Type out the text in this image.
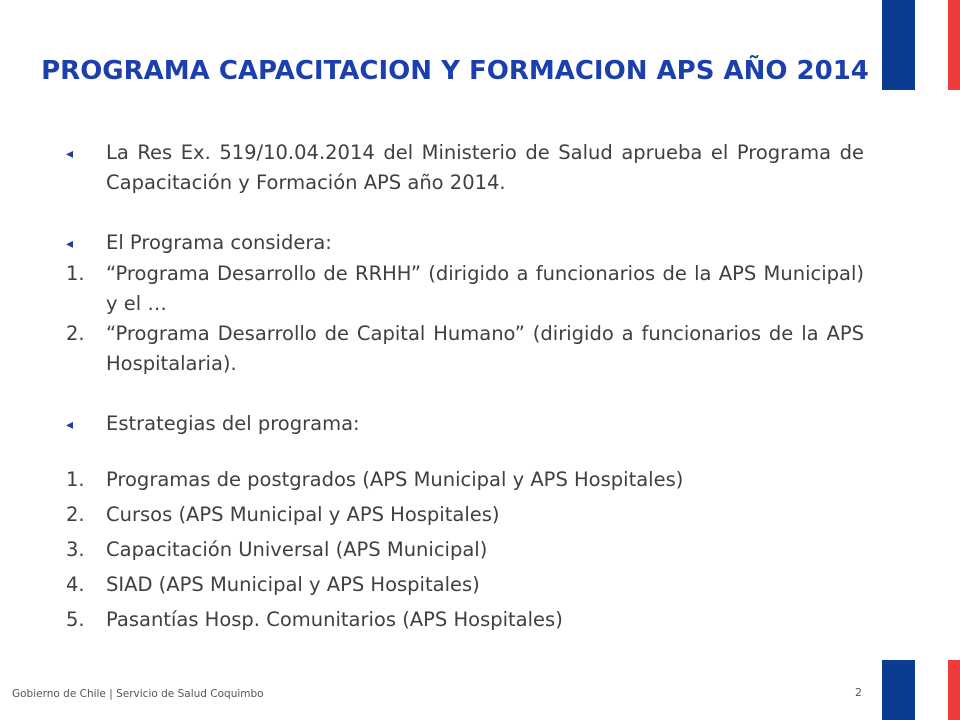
PROGRAMA CAPACITACION Y FORMACION APS AÑO 2014
◂	La Res Ex. 519/10.04.2014 del Ministerio de Salud aprueba el Programa de Capacitación y Formación APS año 2014.
◂	El Programa considera:
1.	“Programa Desarrollo de RRHH” (dirigido a funcionarios de la APS Municipal) y el …
2.	“Programa Desarrollo de Capital Humano” (dirigido a funcionarios de la APS Hospitalaria).
◂	Estrategias del programa:
1.	Programas de postgrados (APS Municipal y APS Hospitales)
2.	Cursos (APS Municipal y APS Hospitales)
3.	Capacitación Universal (APS Municipal)
4.	SIAD (APS Municipal y APS Hospitales)
5.	Pasantías Hosp. Comunitarios (APS Hospitales)
Gobierno de Chile | Servicio de Salud Coquimbo	2
